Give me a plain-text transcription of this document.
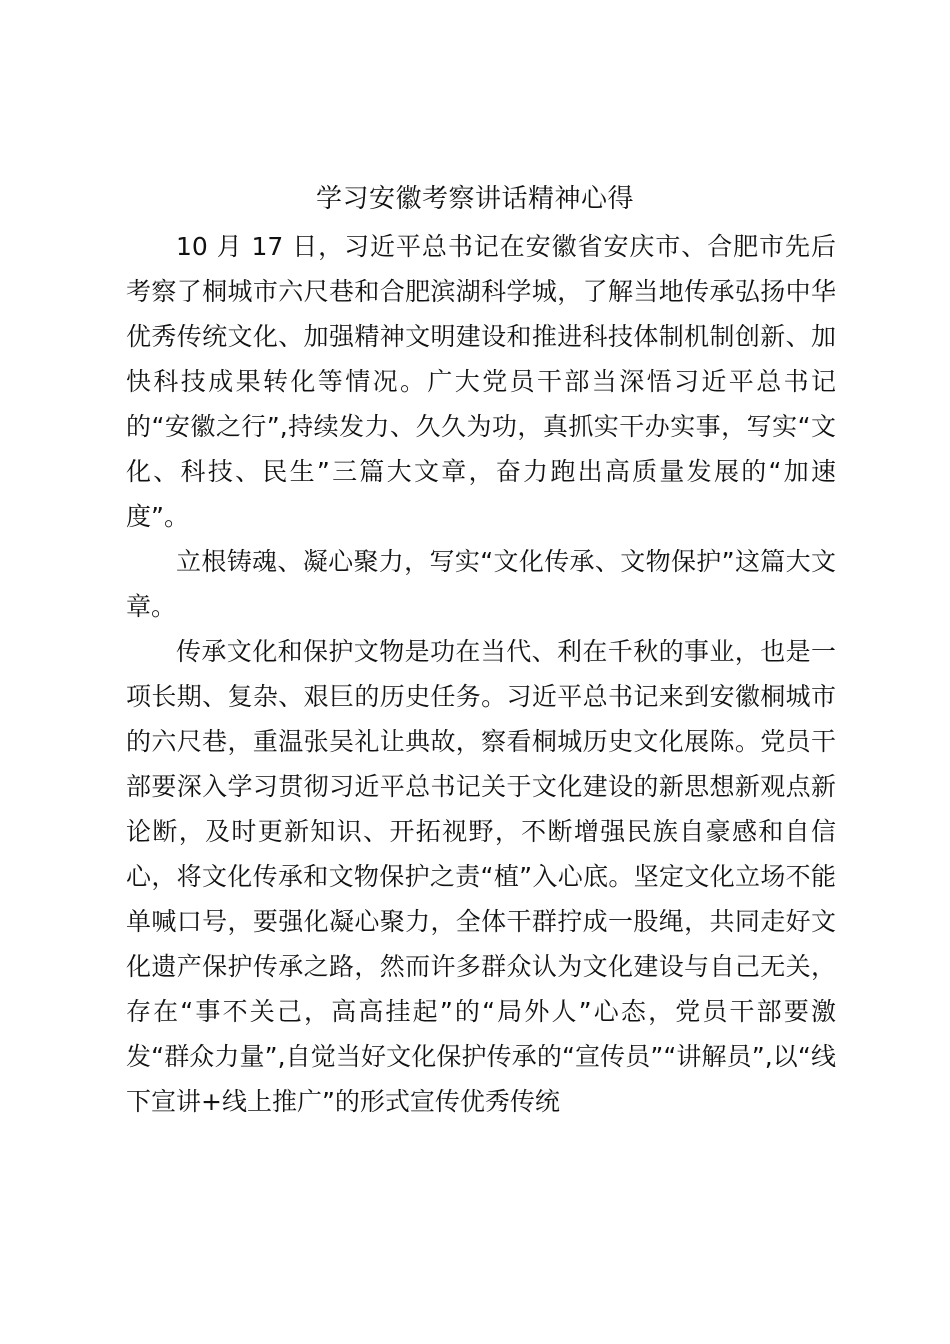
学习安徽考察讲话精神心得

10 月 17 日，习近平总书记在安徽省安庆市、合肥市先后考察了桐城市六尺巷和合肥滨湖科学城，了解当地传承弘扬中华优秀传统文化、加强精神文明建设和推进科技体制机制创新、加快科技成果转化等情况。广大党员干部当深悟习近平总书记的“安徽之行”,持续发力、久久为功，真抓实干办实事，写实“文化、科技、民生”三篇大文章，奋力跑出高质量发展的“加速度”。

立根铸魂、凝心聚力，写实“文化传承、文物保护”这篇大文章。

传承文化和保护文物是功在当代、利在千秋的事业，也是一项长期、复杂、艰巨的历史任务。习近平总书记来到安徽桐城市的六尺巷，重温张吴礼让典故，察看桐城历史文化展陈。党员干部要深入学习贯彻习近平总书记关于文化建设的新思想新观点新论断，及时更新知识、开拓视野，不断增强民族自豪感和自信心，将文化传承和文物保护之责“植”入心底。坚定文化立场不能单喊口号，要强化凝心聚力，全体干群拧成一股绳，共同走好文化遗产保护传承之路，然而许多群众认为文化建设与自己无关，存在“事不关己，高高挂起”的“局外人”心态，党员干部要激发“群众力量”,自觉当好文化保护传承的“宣传员”“讲解员”,以“线下宣讲+线上推广”的形式宣传优秀传统
